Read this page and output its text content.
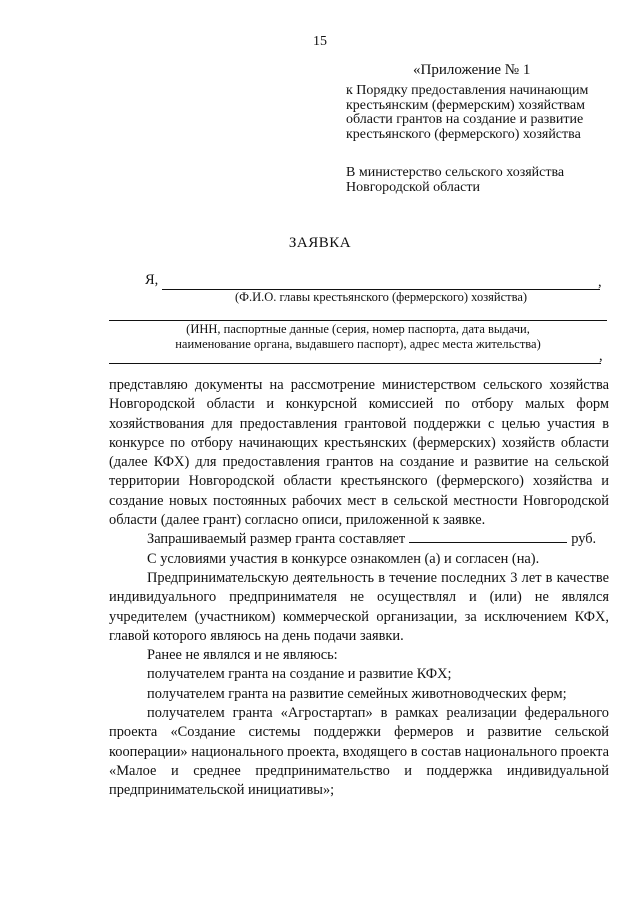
15
«Приложение № 1
к Порядку предоставления начинающим
крестьянским (фермерским) хозяйствам
области грантов на создание и развитие
крестьянского (фермерского) хозяйства
В министерство сельского хозяйства
Новгородской области
ЗАЯВКА
Я,	,
(Ф.И.О. главы крестьянского (фермерского) хозяйства)
(ИНН, паспортные данные (серия, номер паспорта, дата выдачи,
наименование органа, выдавшего паспорт), адрес места жительства)
,

представляю документы на рассмотрение министерством сельского хозяйства Новгородской области и конкурсной комиссией по отбору малых форм хозяйствования для предоставления грантовой поддержки с целью участия в конкурсе по отбору начинающих крестьянских (фермерских) хозяйств области (далее КФХ) для предоставления грантов на создание и развитие на сельской территории Новгородской области крестьянского (фермерского) хозяйства и создание новых постоянных рабочих мест в сельской местности Новгородской области (далее грант) согласно описи, приложенной к заявке.

Запрашиваемый размер гранта составляет	руб.

С условиями участия в конкурсе ознакомлен (а) и согласен (на).

Предпринимательскую деятельность в течение последних 3 лет в качестве индивидуального предпринимателя не осуществлял и (или) не являлся учредителем (участником) коммерческой организации, за исключением КФХ, главой которого являюсь на день подачи заявки.

Ранее не являлся и не являюсь:

получателем гранта на создание и развитие КФХ;

получателем гранта на развитие семейных животноводческих ферм;

получателем гранта «Агростартап» в рамках реализации федерального проекта «Создание системы поддержки фермеров и развитие сельской кооперации» национального проекта, входящего в состав национального проекта «Малое и среднее предпринимательство и поддержка индивидуальной предпринимательской инициативы»;
